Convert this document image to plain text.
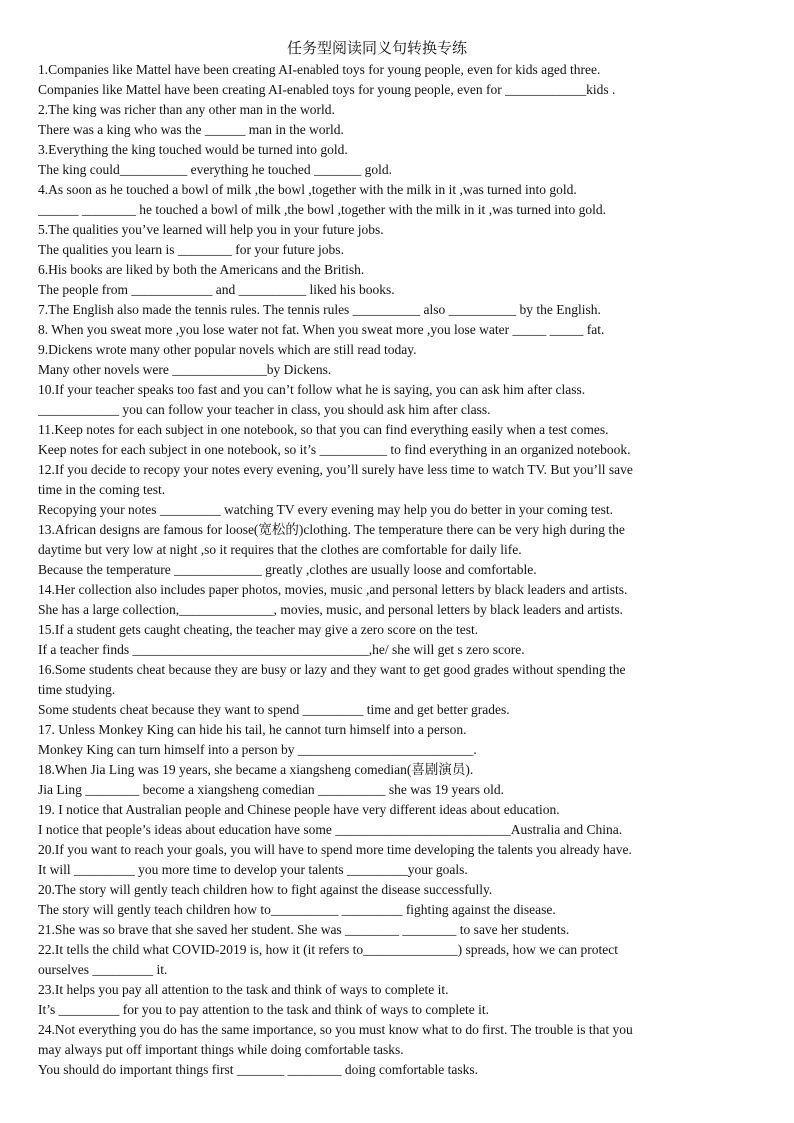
任务型阅读同义句转换专练
1.Companies like Mattel have been creating AI-enabled toys for young people, even for kids aged three.
Companies like Mattel have been creating AI-enabled toys for young people, even for ____________kids .
2.The king was richer than any other man in the world.
There was a king who was the ______ man in the world.
3.Everything the king touched would be turned into gold.
The king could__________ everything he touched _______ gold.
4.As soon as he touched a bowl of milk ,the bowl ,together with the milk in it ,was turned into gold.
______ ________ he touched a bowl of milk ,the bowl ,together with the milk in it ,was turned into gold.
5.The qualities you’ve learned will help you in your future jobs.
The qualities you learn is ________ for your future jobs.
6.His books are liked by both the Americans and the British.
The people from ____________ and __________ liked his books.
7.The English also made the tennis rules. The tennis rules __________ also __________ by the English.
8. When you sweat more ,you lose water not fat. When you sweat more ,you lose water _____ _____ fat.
9.Dickens wrote many other popular novels which are still read today.
Many other novels were ______________by Dickens.
10.If your teacher speaks too fast and you can’t follow what he is saying, you can ask him after class.
____________ you can follow your teacher in class, you should ask him after class.
11.Keep notes for each subject in one notebook, so that you can find everything easily when a test comes.
Keep notes for each subject in one notebook, so it’s __________ to find everything in an organized notebook.
12.If you decide to recopy your notes every evening, you’ll surely have less time to watch TV. But you’ll save
time in the coming test.
Recopying your notes _________ watching TV every evening may help you do better in your coming test.
13.African designs are famous for loose(宽松的)clothing. The temperature there can be very high during the
daytime but very low at night ,so it requires that the clothes are comfortable for daily life.
Because the temperature _____________ greatly ,clothes are usually loose and comfortable.
14.Her collection also includes paper photos, movies, music ,and personal letters by black leaders and artists.
She has a large collection,______________, movies, music, and personal letters by black leaders and artists.
15.If a student gets caught cheating, the teacher may give a zero score on the test.
If a teacher finds ___________________________________,he/ she will get s zero score.
16.Some students cheat because they are busy or lazy and they want to get good grades without spending the
time studying.
Some students cheat because they want to spend _________ time and get better grades.
17. Unless Monkey King can hide his tail, he cannot turn himself into a person.
Monkey King can turn himself into a person by __________________________.
18.When Jia Ling was 19 years, she became a xiangsheng comedian(喜剧演员).
Jia Ling ________ become a xiangsheng comedian __________ she was 19 years old.
19. I notice that Australian people and Chinese people have very different ideas about education.
I notice that people’s ideas about education have some __________________________Australia and China.
20.If you want to reach your goals, you will have to spend more time developing the talents you already have.
It will _________ you more time to develop your talents _________your goals.
20.The story will gently teach children how to fight against the disease successfully.
The story will gently teach children how to__________ _________ fighting against the disease.
21.She was so brave that she saved her student. She was ________ ________ to save her students.
22.It tells the child what COVID-2019 is, how it (it refers to______________) spreads, how we can protect
ourselves _________ it.
23.It helps you pay all attention to the task and think of ways to complete it.
It’s _________ for you to pay attention to the task and think of ways to complete it.
24.Not everything you do has the same importance, so you must know what to do first. The trouble is that you
may always put off important things while doing comfortable tasks.
You should do important things first _______ ________ doing comfortable tasks.
